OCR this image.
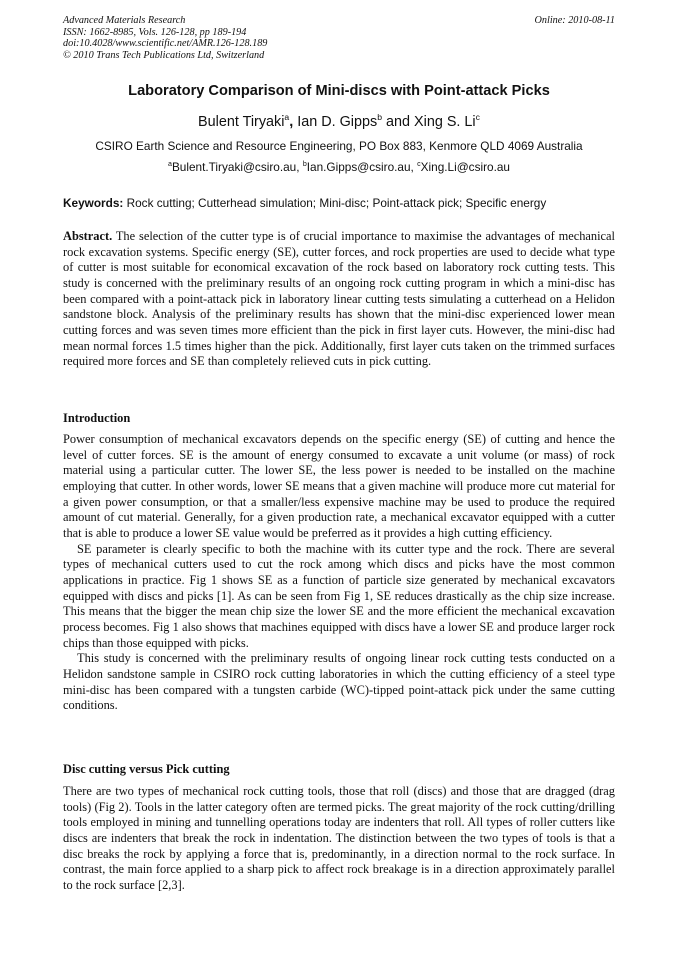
Advanced Materials Research
ISSN: 1662-8985, Vols. 126-128, pp 189-194
doi:10.4028/www.scientific.net/AMR.126-128.189
© 2010 Trans Tech Publications Ltd, Switzerland
Online: 2010-08-11
Laboratory Comparison of Mini-discs with Point-attack Picks
Bulent Tiryaki$^a$, Ian D. Gipps$^b$ and Xing S. Li$^c$
CSIRO Earth Science and Resource Engineering, PO Box 883, Kenmore QLD 4069 Australia
$^a$Bulent.Tiryaki@csiro.au, $^b$Ian.Gipps@csiro.au, $^c$Xing.Li@csiro.au
Keywords: Rock cutting; Cutterhead simulation; Mini-disc; Point-attack pick; Specific energy

Abstract. The selection of the cutter type is of crucial importance to maximise the advantages of mechanical rock excavation systems. Specific energy (SE), cutter forces, and rock properties are used to decide what type of cutter is most suitable for economical excavation of the rock based on laboratory rock cutting tests. This study is concerned with the preliminary results of an ongoing rock cutting program in which a mini-disc has been compared with a point-attack pick in laboratory linear cutting tests simulating a cutterhead on a Helidon sandstone block. Analysis of the preliminary results has shown that the mini-disc experienced lower mean cutting forces and was seven times more efficient than the pick in first layer cuts. However, the mini-disc had mean normal forces 1.5 times higher than the pick. Additionally, first layer cuts taken on the trimmed surfaces required more forces and SE than completely relieved cuts in pick cutting.

Introduction

Power consumption of mechanical excavators depends on the specific energy (SE) of cutting and hence the level of cutter forces. SE is the amount of energy consumed to excavate a unit volume (or mass) of rock material using a particular cutter. The lower SE, the less power is needed to be installed on the machine employing that cutter. In other words, lower SE means that a given machine will produce more cut material for a given power consumption, or that a smaller/less expensive machine may be used to produce the required amount of cut material. Generally, for a given production rate, a mechanical excavator equipped with a cutter that is able to produce a lower SE value would be preferred as it provides a high cutting efficiency.

SE parameter is clearly specific to both the machine with its cutter type and the rock. There are several types of mechanical cutters used to cut the rock among which discs and picks have the most common applications in practice. Fig 1 shows SE as a function of particle size generated by mechanical excavators equipped with discs and picks [1]. As can be seen from Fig 1, SE reduces drastically as the chip size increase. This means that the bigger the mean chip size the lower SE and the more efficient the mechanical excavation process becomes. Fig 1 also shows that machines equipped with discs have a lower SE and produce larger rock chips than those equipped with picks.

This study is concerned with the preliminary results of ongoing linear rock cutting tests conducted on a Helidon sandstone sample in CSIRO rock cutting laboratories in which the cutting efficiency of a steel type mini-disc has been compared with a tungsten carbide (WC)-tipped point-attack pick under the same cutting conditions.

Disc cutting versus Pick cutting

There are two types of mechanical rock cutting tools, those that roll (discs) and those that are dragged (drag tools) (Fig 2). Tools in the latter category often are termed picks. The great majority of the rock cutting/drilling tools employed in mining and tunnelling operations today are indenters that roll. All types of roller cutters like discs are indenters that break the rock in indentation. The distinction between the two types of tools is that a disc breaks the rock by applying a force that is, predominantly, in a direction normal to the rock surface. In contrast, the main force applied to a sharp pick to affect rock breakage is in a direction approximately parallel to the rock surface [2,3].
